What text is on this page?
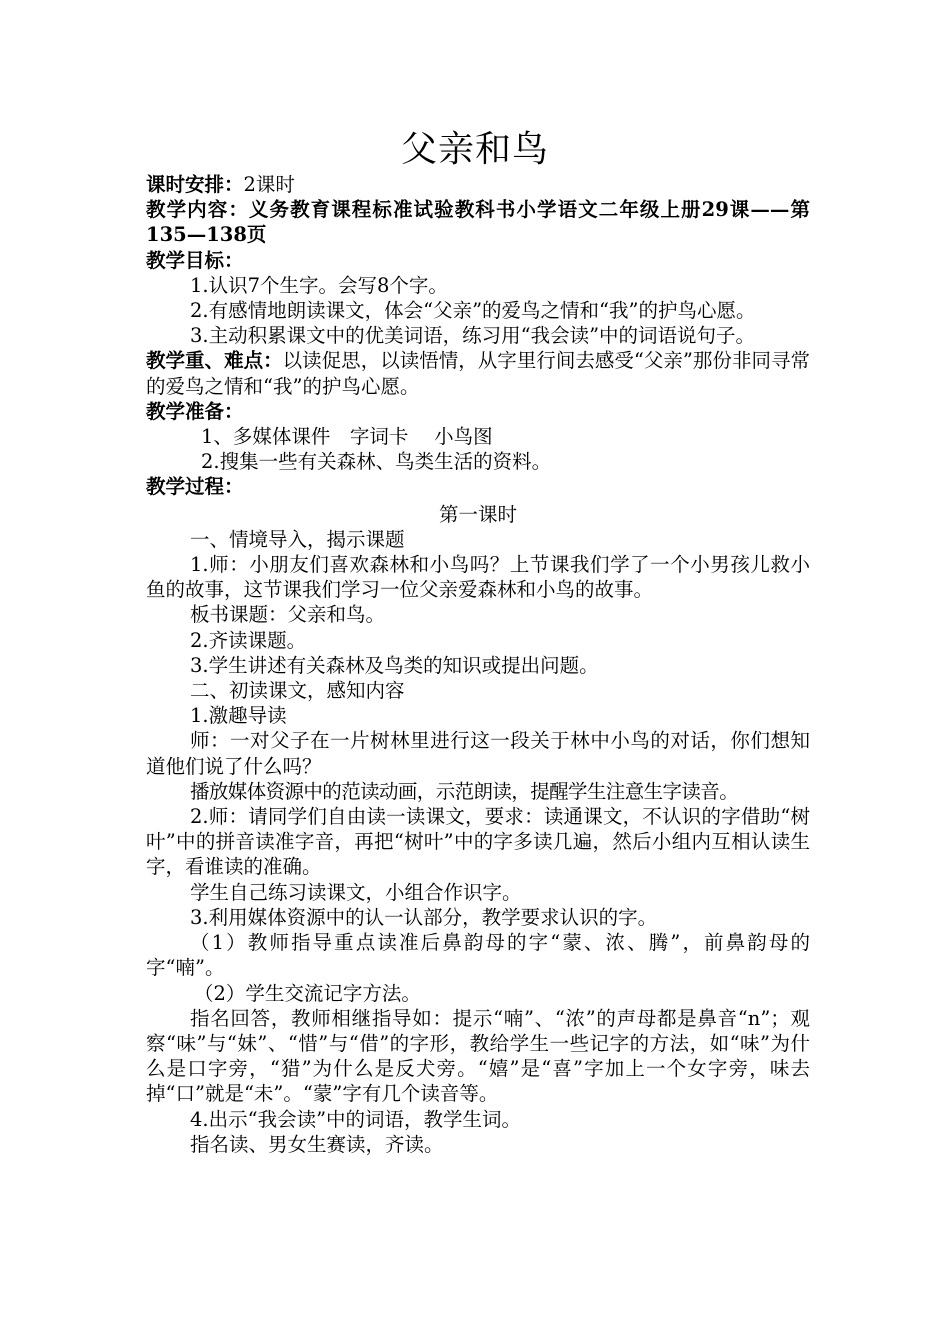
父亲和鸟

课时安排：2课时

教学内容：义务教育课程标准试验教科书小学语文二年级上册29课——第135—138页

教学目标：

1.认识7个生字。会写8个字。

2.有感情地朗读课文，体会“父亲”的爱鸟之情和“我”的护鸟心愿。

3.主动积累课文中的优美词语，练习用“我会读”中的词语说句子。

教学重、难点：以读促思，以读悟情，从字里行间去感受“父亲”那份非同寻常的爱鸟之情和“我”的护鸟心愿。

教学准备：

1、多媒体课件　字词卡　 小鸟图

2.搜集一些有关森林、鸟类生活的资料。

教学过程：

第一课时

一、情境导入，揭示课题

1.师：小朋友们喜欢森林和小鸟吗？上节课我们学了一个小男孩儿救小鱼的故事，这节课我们学习一位父亲爱森林和小鸟的故事。

板书课题：父亲和鸟。

2.齐读课题。

3.学生讲述有关森林及鸟类的知识或提出问题。

二、初读课文，感知内容

1.激趣导读

师：一对父子在一片树林里进行这一段关于林中小鸟的对话，你们想知道他们说了什么吗？

播放媒体资源中的范读动画，示范朗读，提醒学生注意生字读音。

2.师：请同学们自由读一读课文，要求：读通课文，不认识的字借助“树叶”中的拼音读准字音，再把“树叶”中的字多读几遍，然后小组内互相认读生字，看谁读的准确。

学生自己练习读课文，小组合作识字。

3.利用媒体资源中的认一认部分，教学要求认识的字。

（1）教师指导重点读准后鼻韵母的字“蒙、浓、腾”，前鼻韵母的字“喃”。

（2）学生交流记字方法。

指名回答，教师相继指导如：提示“喃”、“浓”的声母都是鼻音“n”；观察“味”与“妹”、“惜”与“借”的字形，教给学生一些记字的方法，如“味”为什么是口字旁，“猎”为什么是反犬旁。“嬉”是“喜”字加上一个女字旁，味去掉“口”就是“未”。“蒙”字有几个读音等。

4.出示“我会读”中的词语，教学生词。

指名读、男女生赛读，齐读。
